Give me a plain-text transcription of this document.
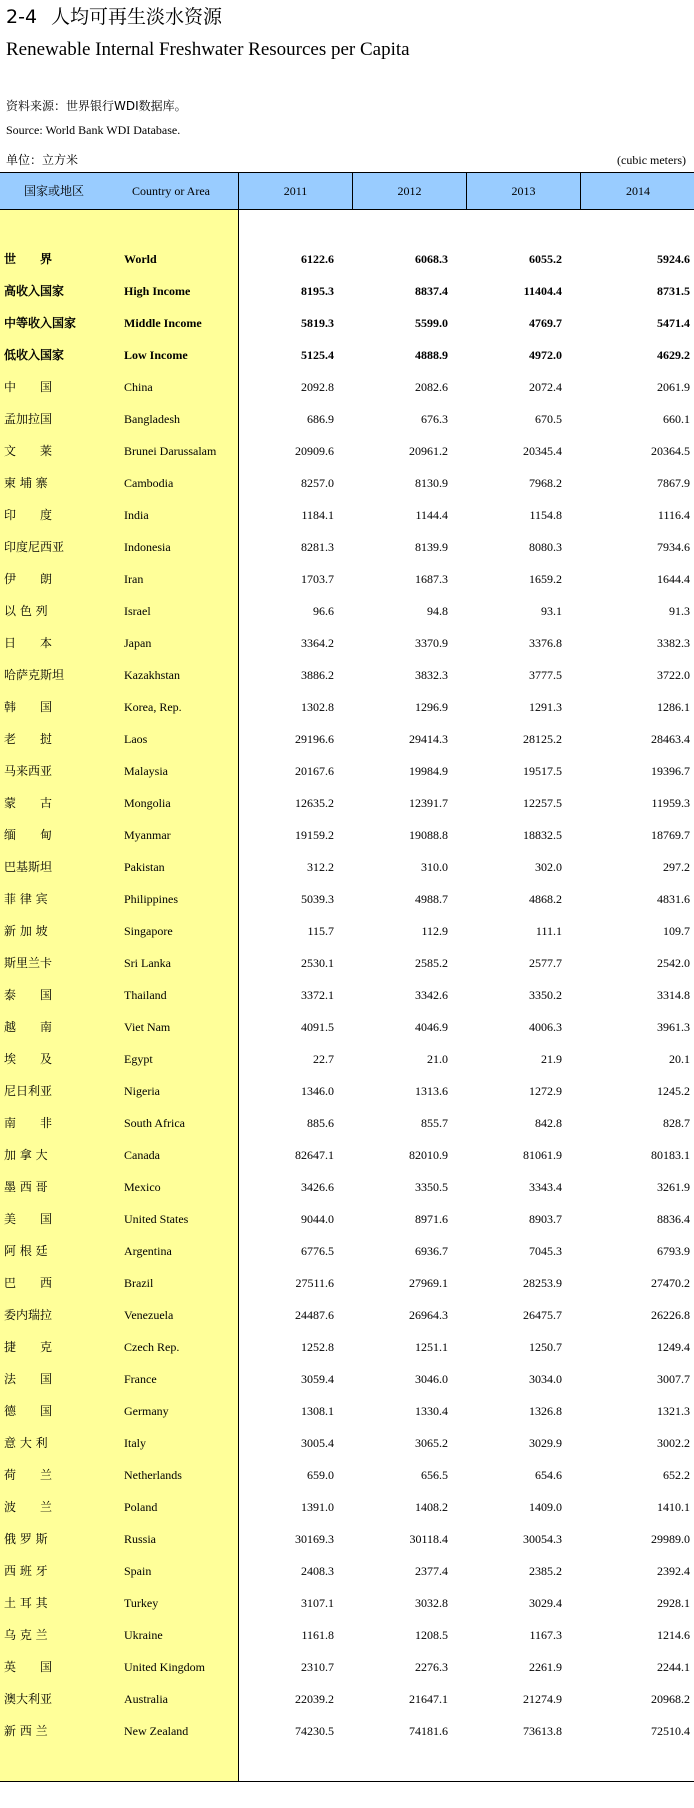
2-4 人均可再生淡水资源
Renewable Internal Freshwater Resources per Capita
资料来源：世界银行WDI数据库。
Source: World Bank WDI Database.
单位：立方米	(cubic meters)
国家或地区	Country or Area	2011	2012	2013	2014
世　　界	World	6122.6	6068.3	6055.2	5924.6
高收入国家	High Income	8195.3	8837.4	11404.4	8731.5
中等收入国家	Middle Income	5819.3	5599.0	4769.7	5471.4
低收入国家	Low Income	5125.4	4888.9	4972.0	4629.2
中　　国	China	2092.8	2082.6	2072.4	2061.9
孟加拉国	Bangladesh	686.9	676.3	670.5	660.1
文　　莱	Brunei Darussalam	20909.6	20961.2	20345.4	20364.5
柬 埔 寨	Cambodia	8257.0	8130.9	7968.2	7867.9
印　　度	India	1184.1	1144.4	1154.8	1116.4
印度尼西亚	Indonesia	8281.3	8139.9	8080.3	7934.6
伊　　朗	Iran	1703.7	1687.3	1659.2	1644.4
以 色 列	Israel	96.6	94.8	93.1	91.3
日　　本	Japan	3364.2	3370.9	3376.8	3382.3
哈萨克斯坦	Kazakhstan	3886.2	3832.3	3777.5	3722.0
韩　　国	Korea, Rep.	1302.8	1296.9	1291.3	1286.1
老　　挝	Laos	29196.6	29414.3	28125.2	28463.4
马来西亚	Malaysia	20167.6	19984.9	19517.5	19396.7
蒙　　古	Mongolia	12635.2	12391.7	12257.5	11959.3
缅　　甸	Myanmar	19159.2	19088.8	18832.5	18769.7
巴基斯坦	Pakistan	312.2	310.0	302.0	297.2
菲 律 宾	Philippines	5039.3	4988.7	4868.2	4831.6
新 加 坡	Singapore	115.7	112.9	111.1	109.7
斯里兰卡	Sri Lanka	2530.1	2585.2	2577.7	2542.0
泰　　国	Thailand	3372.1	3342.6	3350.2	3314.8
越　　南	Viet Nam	4091.5	4046.9	4006.3	3961.3
埃　　及	Egypt	22.7	21.0	21.9	20.1
尼日利亚	Nigeria	1346.0	1313.6	1272.9	1245.2
南　　非	South Africa	885.6	855.7	842.8	828.7
加 拿 大	Canada	82647.1	82010.9	81061.9	80183.1
墨 西 哥	Mexico	3426.6	3350.5	3343.4	3261.9
美　　国	United States	9044.0	8971.6	8903.7	8836.4
阿 根 廷	Argentina	6776.5	6936.7	7045.3	6793.9
巴　　西	Brazil	27511.6	27969.1	28253.9	27470.2
委内瑞拉	Venezuela	24487.6	26964.3	26475.7	26226.8
捷　　克	Czech Rep.	1252.8	1251.1	1250.7	1249.4
法　　国	France	3059.4	3046.0	3034.0	3007.7
德　　国	Germany	1308.1	1330.4	1326.8	1321.3
意 大 利	Italy	3005.4	3065.2	3029.9	3002.2
荷　　兰	Netherlands	659.0	656.5	654.6	652.2
波　　兰	Poland	1391.0	1408.2	1409.0	1410.1
俄 罗 斯	Russia	30169.3	30118.4	30054.3	29989.0
西 班 牙	Spain	2408.3	2377.4	2385.2	2392.4
土 耳 其	Turkey	3107.1	3032.8	3029.4	2928.1
乌 克 兰	Ukraine	1161.8	1208.5	1167.3	1214.6
英　　国	United Kingdom	2310.7	2276.3	2261.9	2244.1
澳大利亚	Australia	22039.2	21647.1	21274.9	20968.2
新 西 兰	New Zealand	74230.5	74181.6	73613.8	72510.4
